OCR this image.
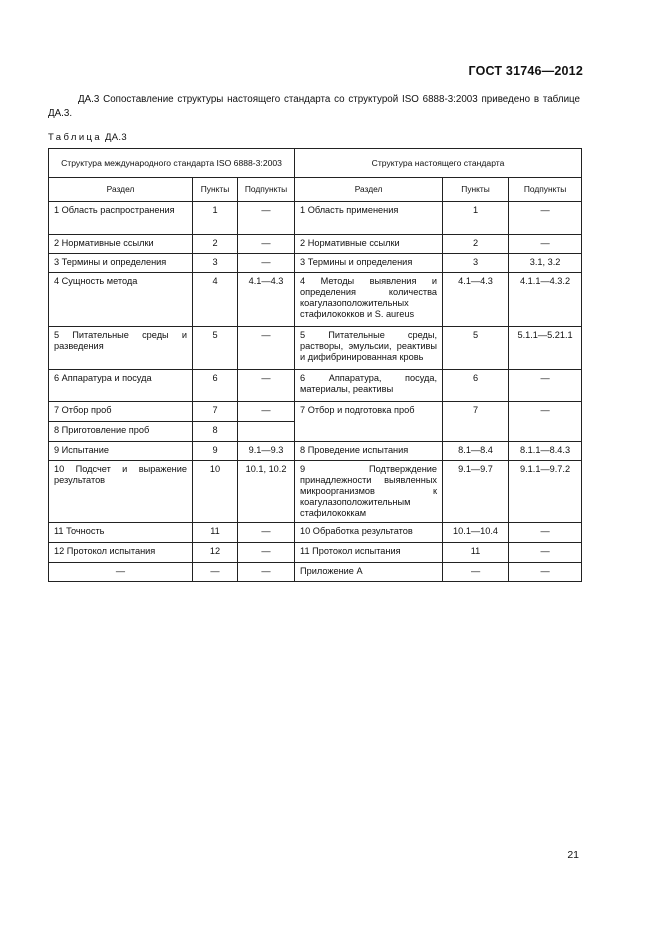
ГОСТ 31746—2012
ДА.3 Сопоставление структуры настоящего стандарта со структурой ISO 6888-3:2003 приведено в таблице ДА.3.
Таблица ДА.3
Структура международного стандарта ISO 6888-3:2003			Структура настоящего стандарта		
Раздел	Пункты	Подпункты	Раздел	Пункты	Подпункты
1 Область распространения	1	—	1 Область применения	1	—
2 Нормативные ссылки	2	—	2 Нормативные ссылки	2	—
3 Термины и определения	3	—	3 Термины и определения	3	3.1, 3.2
4 Сущность метода	4	4.1—4.3	4 Методы выявления и определения количества коагулазоположительных стафилококков и S. aureus	4.1—4.3	4.1.1—4.3.2
5 Питательные среды и разведения	5	—	5 Питательные среды, растворы, эмульсии, реактивы и дифибринированная кровь	5	5.1.1—5.21.1
6 Аппаратура и посуда	6	—	6 Аппаратура, посуда, материалы, реактивы	6	—
7 Отбор проб	7	—	7 Отбор и подготовка проб	7	—
8 Приготовление проб	8				
9 Испытание	9	9.1—9.3	8 Проведение испытания	8.1—8.4	8.1.1—8.4.3
10 Подсчет и выражение результатов	10	10.1, 10.2	9 Подтверждение принадлежности выявленных микроорганизмов к коагулазоположительным стафилококкам	9.1—9.7	9.1.1—9.7.2
11 Точность	11	—	10 Обработка результатов	10.1—10.4	—
12 Протокол испытания	12	—	11 Протокол испытания	11	—
—	—	—	Приложение А	—	—
21
